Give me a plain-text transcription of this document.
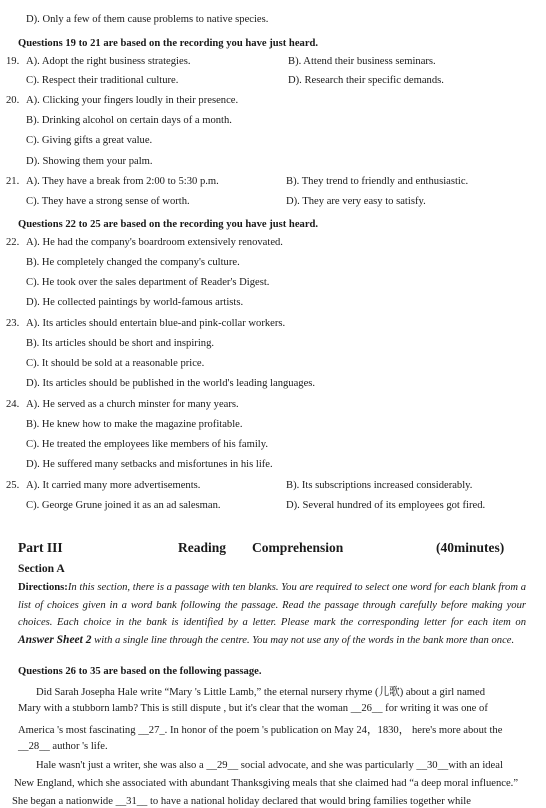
D). Only a few of them cause problems to native species.
Questions 19 to 21 are based on the recording you have just heard.
19. A). Adopt the right business strategies.	B). Attend their business seminars.
C). Respect their traditional culture.	D). Research their specific demands.
20. A). Clicking your fingers loudly in their presence.
B). Drinking alcohol on certain days of a month.
C). Giving gifts a great value.
D). Showing them your palm.
21. A). They have a break from 2:00 to 5:30 p.m.	B). They trend to friendly and enthusiastic.
C). They have a strong sense of worth.	D). They are very easy to satisfy.
Questions 22 to 25 are based on the recording you have just heard.
22. A). He had the company's boardroom extensively renovated.
B). He completely changed the company's culture.
C). He took over the sales department of Reader's Digest.
D). He collected paintings by world-famous artists.
23. A). Its articles should entertain blue-and pink-collar workers.
B). Its articles should be short and inspiring.
C). It should be sold at a reasonable price.
D). Its articles should be published in the world's leading languages.
24. A). He served as a church minster for many years.
B). He knew how to make the magazine profitable.
C). He treated the employees like members of his family.
D). He suffered many setbacks and misfortunes in his life.
25. A). It carried many more advertisements.	B). Its subscriptions increased considerably.
C). George Grune joined it as an ad salesman.	D). Several hundred of its employees got fired.
Part III	Reading Comprehension	(40minutes)
Section A
Directions:In this section, there is a passage with ten blanks. You are required to select one word for each blank from a list of choices given in a word bank following the passage. Read the passage through carefully before making your choices. Each choice in the bank is identified by a letter. Please mark the corresponding letter for each item on Answer Sheet 2 with a single line through the centre. You may not use any of the words in the bank more than once.
Questions 26 to 35 are based on the following passage.
Did Sarah Josepha Hale write “Mary 's Little Lamb,” the eternal nursery rhyme (儿歌) about a girl named
Mary with a stubborn lamb? This is still dispute , but it's clear that the woman __26__ for writing it was one of
America 's most fascinating __27_. In honor of the poem 's publication on May 24，1830， here's more about the
__28__ author 's life.
Hale wasn't just a writer, she was also a __29__ social advocate, and she was particularly __30__with an ideal
New England, which she associated with abundant Thanksgiving meals that she claimed had “a deep moral influence.”
She began a nationwide __31__ to have a national holiday declared that would bring families together while
